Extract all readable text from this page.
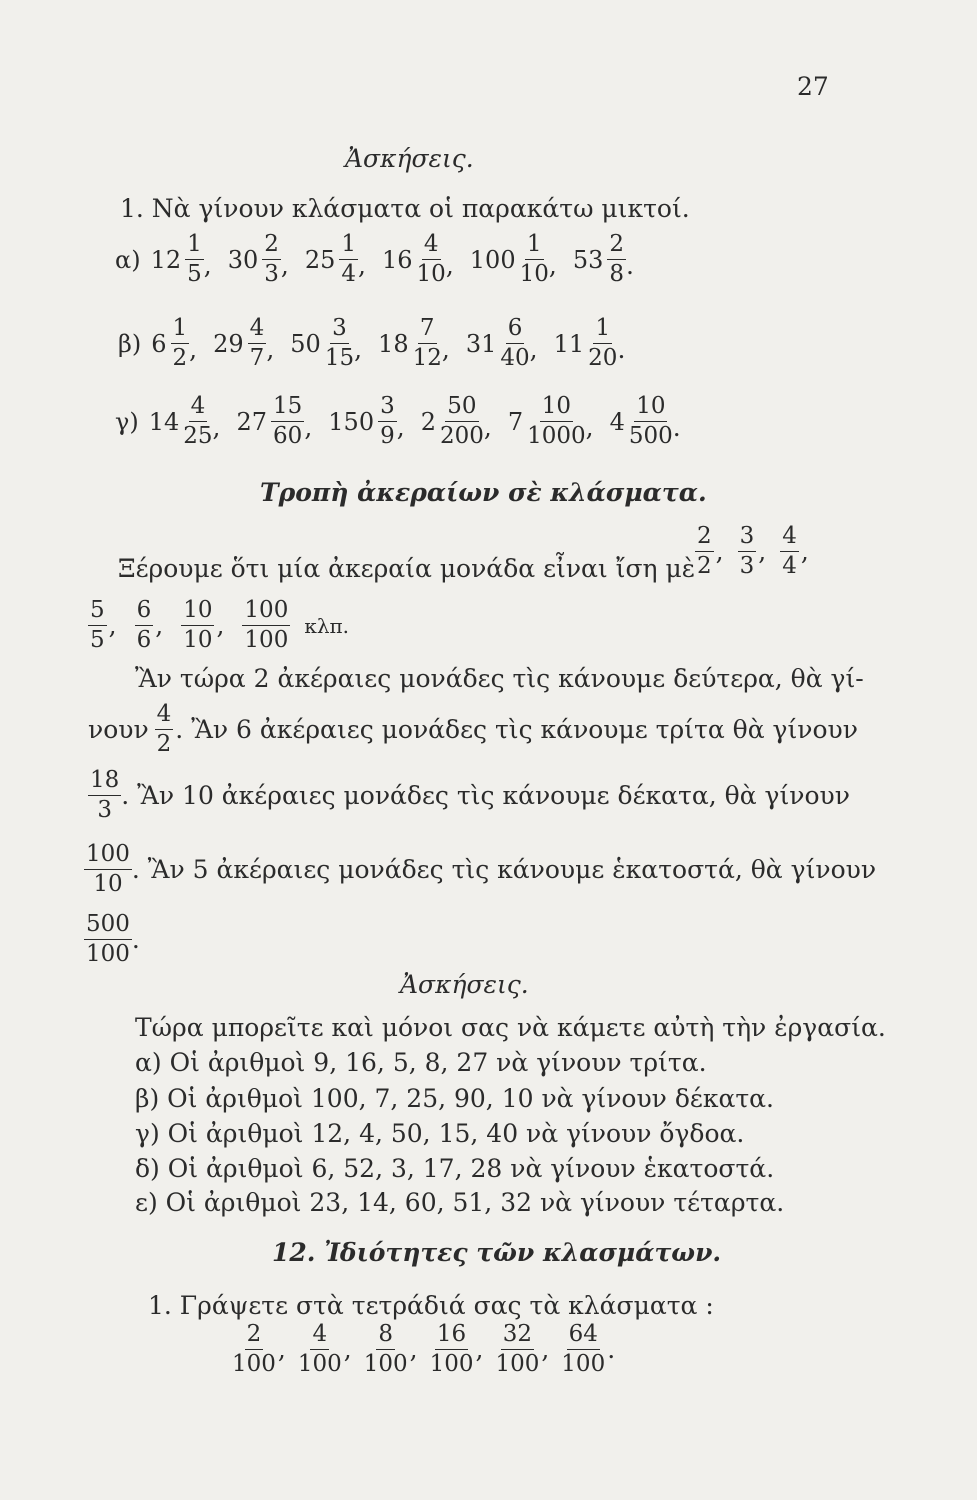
27
Ἀσκήσεις.
1. Νὰ γίνουν κλάσματα οἱ παρακάτω μικτοί.
α) $12 \frac{1}{5}$ , $30 \frac{2}{3}$ , $25 \frac{1}{4}$ , $16 \frac{4}{10}$ , $100 \frac{1}{10}$ , $53 \frac{2}{8}$ .
β) $6 \frac{1}{2}$ , $29 \frac{4}{7}$ , $50 \frac{3}{15}$ , $18 \frac{7}{12}$ , $31 \frac{6}{40}$ , $11 \frac{1}{20}$ .
γ) $14 \frac{4}{25}$ , $27 \frac{15}{60}$ , $150 \frac{3}{9}$ , $2 \frac{50}{200}$ , $7 \frac{10}{1000}$ , $4 \frac{10}{500}$ .
Τροπὴ ἀκεραίων σὲ κλάσματα.
Ξέρουμε ὅτι μία ἀκεραία μονάδα εἶναι ἴση μὲ $\frac{2}{2}$ , $\frac{3}{3}$ , $\frac{4}{4}$ ,
$\frac{5}{5}$ , $\frac{6}{6}$ , $\frac{10}{10}$ , $\frac{100}{100} \kappa\lambda\pi$.
Ἂν τώρα 2 ἀκέραιες μονάδες τὶς κάνουμε δεύτερα, θὰ γί-
νουν $\frac{4}{2}$ . Ἂν 6 ἀκέραιες μονάδες τὶς κάνουμε τρίτα θὰ γίνουν
$\frac{18}{3}$ . Ἂν 10 ἀκέραιες μονάδες τὶς κάνουμε δέκατα, θὰ γίνουν
$\frac{100}{10}$ . Ἂν 5 ἀκέραιες μονάδες τὶς κάνουμε ἑκατοστά, θὰ γίνουν
$\frac{500}{100}$ .
Ἀσκήσεις.
Τώρα μπορεῖτε καὶ μόνοι σας νὰ κάμετε αὐτὴ τὴν ἐργασία.
α) Οἱ ἀριθμοὶ 9, 16, 5, 8, 27 νὰ γίνουν τρίτα.
β) Οἱ ἀριθμοὶ 100, 7, 25, 90, 10 νὰ γίνουν δέκατα.
γ) Οἱ ἀριθμοὶ 12, 4, 50, 15, 40 νὰ γίνουν ὄγδοα.
δ) Οἱ ἀριθμοὶ 6, 52, 3, 17, 28 νὰ γίνουν ἑκατοστά.
ε) Οἱ ἀριθμοὶ 23, 14, 60, 51, 32 νὰ γίνουν τέταρτα.
12. Ἰδιότητες τῶν κλασμάτων.
1. Γράψετε στὰ τετράδιά σας τὰ κλάσματα :
$\frac{2}{100}$ , $\frac{4}{100}$ , $\frac{8}{100}$ , $\frac{16}{100}$ , $\frac{32}{100}$ , $\frac{64}{100}$ .
